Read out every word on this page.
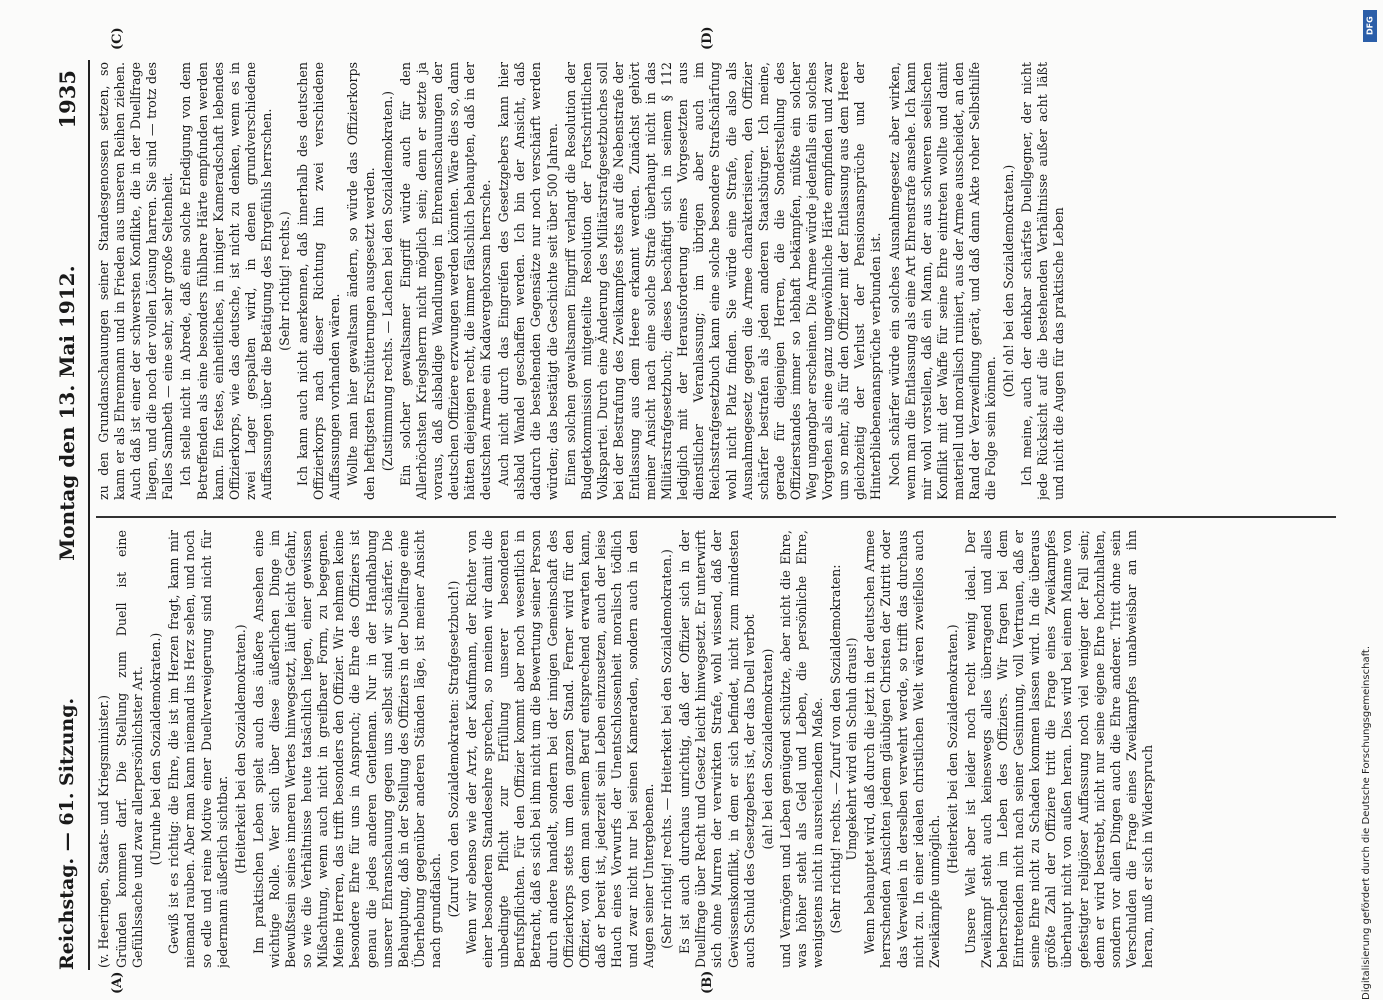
Reichstag. — 61. Sitzung.
Montag den 13. Mai 1912.
1935
(A)	(B)
(C)	(D)

(v. Heeringen, Staats- und Kriegsminister.) Gründen kommen darf. Die Stellung zum Duell ist eine Gefühlssache und zwar allerpersönlichster Art. (Unruhe bei den Sozialdemokraten.) Gewiß ist es richtig: die Ehre, die ist im Herzen fragt, kann mir niemand rauben. Aber man kann niemand ins Herz sehen, und noch so edle und reine Motive einer Duellverweigerung sind nicht für jedermann äußerlich sichtbar. (Heiterkeit bei den Sozialdemokraten.) Im praktischen Leben spielt auch das äußere Ansehen eine wichtige Rolle. Wer sich über diese äußerlichen Dinge im Bewußtsein seines inneren Wertes hinwegsetzt, läuft leicht Gefahr, so wie die Verhältnisse heute tatsächlich liegen, einer gewissen Mißachtung, wenn auch nicht in greifbarer Form, zu begegnen. Meine Herren, das trifft besonders den Offizier. Wir nehmen keine besondere Ehre für uns in Anspruch; die Ehre des Offiziers ist genau die jedes anderen Gentleman. Nur in der Handhabung unserer Ehranschauung gegen uns selbst sind wir schärfer. Die Behauptung, daß in der Stellung des Offiziers in der Duellfrage eine Überhebung gegenüber anderen Ständen läge, ist meiner Ansicht nach grundfalsch. (Zuruf von den Sozialdemokraten: Strafgesetzbuch!) Wenn wir ebenso wie der Arzt, der Kaufmann, der Richter von einer besonderen Standesehre sprechen, so meinen wir damit die unbedingte Pflicht zur Erfüllung unserer besonderen Berufspflichten. Für den Offizier kommt aber noch wesentlich in Betracht, daß es sich bei ihm nicht um die Bewertung seiner Person durch andere handelt, sondern bei der innigen Gemeinschaft des Offizierkorps stets um den ganzen Stand. Ferner wird für den Offizier, von dem man seinem Beruf entsprechend erwarten kann, daß er bereit ist, jederzeit sein Leben einzusetzen, auch der leise Hauch eines Vorwurfs der Unentschlossenheit moralisch tödlich und zwar nicht nur bei seinen Kameraden, sondern auch in den Augen seiner Untergebenen. (Sehr richtig! rechts. — Heiterkeit bei den Sozialdemokraten.) Es ist auch durchaus unrichtig, daß der Offizier sich in der Duellfrage über Recht und Gesetz leicht hinwegsetzt. Er unterwirft sich ohne Murren der verwirkten Strafe, wohl wissend, daß der Gewissenskonflikt, in dem er sich befindet, nicht zum mindesten auch Schuld des Gesetzgebers ist, der das Duell verbot (ah! bei den Sozialdemokraten) und Vermögen und Leben genügend schützte, aber nicht die Ehre, was höher steht als Geld und Leben, die persönliche Ehre, wenigstens nicht in ausreichendem Maße. (Sehr richtig! rechts. — Zuruf von den Sozialdemokraten: Umgekehrt wird ein Schuh draus!) Wenn behauptet wird, daß durch die jetzt in der deutschen Armee herrschenden Ansichten jedem gläubigen Christen der Zutritt oder das Verweilen in derselben verwehrt werde, so trifft das durchaus nicht zu. In einer idealen christlichen Welt wären zweifellos auch Zweikämpfe unmöglich.

(Heiterkeit bei den Sozialdemokraten.) Unsere Welt aber ist leider noch recht wenig ideal. Der Zweikampf steht auch keineswegs alles überragend und alles beherrschend im Leben des Offiziers. Wir fragen bei dem Eintretenden nicht nach seiner Gesinnung, voll Vertrauen, daß er seine Ehre nicht zu Schaden kommen lassen wird. In die überaus größte Zahl der Offiziere tritt die Frage eines Zweikampfes überhaupt nicht von außen heran. Dies wird bei einem Manne von gefestigter religiöser Auffassung noch viel weniger der Fall sein; denn er wird bestrebt, nicht nur seine eigene Ehre hochzuhalten, sondern vor allen Dingen auch die Ehre anderer. Tritt ohne sein Verschulden die Frage eines Zweikampfes unabweisbar an ihn heran, muß er sich in Widerspruch

zu den Grundanschauungen seiner Standesgenossen setzen, so kann er als Ehrenmann und in Frieden aus unseren Reihen ziehen. Auch daß ist einer der schwersten Konflikte, die in der Duellfrage liegen, und die noch der vollen Lösung harren. Sie sind — trotz des Falles Sambeth — eine sehr, sehr große Seltenheit. Ich stelle nicht in Abrede, daß eine solche Erledigung von dem Betreffenden als eine besonders fühlbare Härte empfunden werden kann. Ein festes, einheitliches, in inniger Kameradschaft lebendes Offizierkorps, wie das deutsche, ist nicht zu denken, wenn es in zwei Lager gespalten wird, in denen grundverschiedene Auffassungen über die Betätigung des Ehrgefühls herrschen. (Sehr richtig! rechts.) Ich kann auch nicht anerkennen, daß innerhalb des deutschen Offizierkorps nach dieser Richtung hin zwei verschiedene Auffassungen vorhanden wären. Wollte man hier gewaltsam ändern, so würde das Offizierkorps den heftigsten Erschütterungen ausgesetzt werden. (Zustimmung rechts. — Lachen bei den Sozialdemokraten.) Ein solcher gewaltsamer Eingriff würde auch für den Allerhöchsten Kriegsherrn nicht möglich sein; denn er setzte ja voraus, daß alsbaldige Wandlungen in Ehrenanschauungen der deutschen Offiziere erzwungen werden könnten. Wäre dies so, dann hätten diejenigen recht, die immer fälschlich behaupten, daß in der deutschen Armee ein Kadavergehorsam herrsche. Auch nicht durch das Eingreifen des Gesetzgebers kann hier alsbald Wandel geschaffen werden. Ich bin der Ansicht, daß dadurch die bestehenden Gegensätze nur noch verschärft werden würden; das bestätigt die Geschichte seit über 500 Jahren. Einen solchen gewaltsamen Eingriff verlangt die Resolution der Budgetkommission mitgeteilte Resolution der Fortschrittlichen Volkspartei. Durch eine Änderung des Militärstrafgesetzbuches soll bei der Bestrafung des Zweikampfes stets auf die Nebenstrafe der Entlassung aus dem Heere erkannt werden. Zunächst gehört meiner Ansicht nach eine solche Strafe überhaupt nicht in das Militärstrafgesetzbuch; dieses beschäftigt sich in seinem § 112 lediglich mit der Herausforderung eines Vorgesetzten aus dienstlicher Veranlassung; im übrigen aber auch im Reichsstrafgesetzbuch kann eine solche besondere Strafschärfung wohl nicht Platz finden. Sie würde eine Strafe, die also als Ausnahmegesetz gegen die Armee charakterisieren, den Offizier schärfer bestrafen als jeden anderen Staatsbürger. Ich meine, gerade für diejenigen Herren, die die Sonderstellung des Offizierstandes immer so lebhaft bekämpfen, müßte ein solcher Weg ungangbar erscheinen. Die Armee würde jedenfalls ein solches Vorgehen als eine ganz ungewöhnliche Härte empfinden und zwar um so mehr, als für den Offizier mit der Entlassung aus dem Heere gleichzeitig der Verlust der Pensionsansprüche und der Hinterbliebenenansprüche verbunden ist. Noch schärfer würde ein solches Ausnahmegesetz aber wirken, wenn man die Entlassung als eine Art Ehrenstrafe ansehe. Ich kann mir wohl vorstellen, daß ein Mann, der aus schweren seelischen Konflikt mit der Waffe für seine Ehre eintreten wollte und damit materiell und moralisch ruiniert, aus der Armee ausscheidet, an den Rand der Verzweiflung gerät, und daß dann Akte roher Selbsthilfe die Folge sein können.

(Oh! oh! bei den Sozialdemokraten.) Ich meine, auch der denkbar schärfste Duellgegner, der nicht jede Rücksicht auf die bestehenden Verhältnisse außer acht läßt und nicht die Augen für das praktische Leben

Digitalisierung gefördert durch die Deutsche Forschungsgemeinschaft.
DFG
